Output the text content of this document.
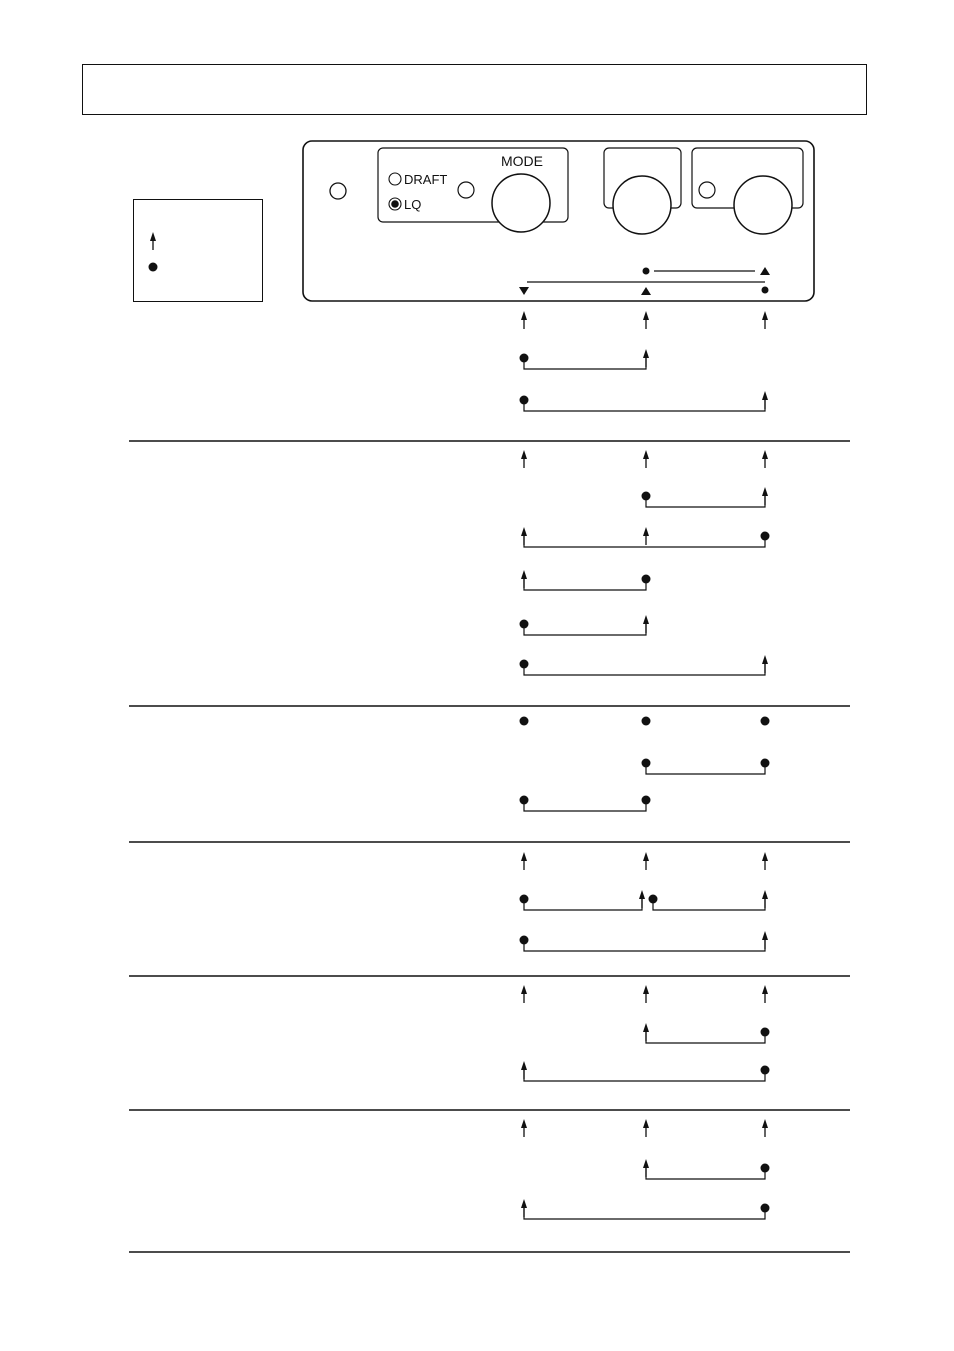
DRAFT
LQ
MODE
